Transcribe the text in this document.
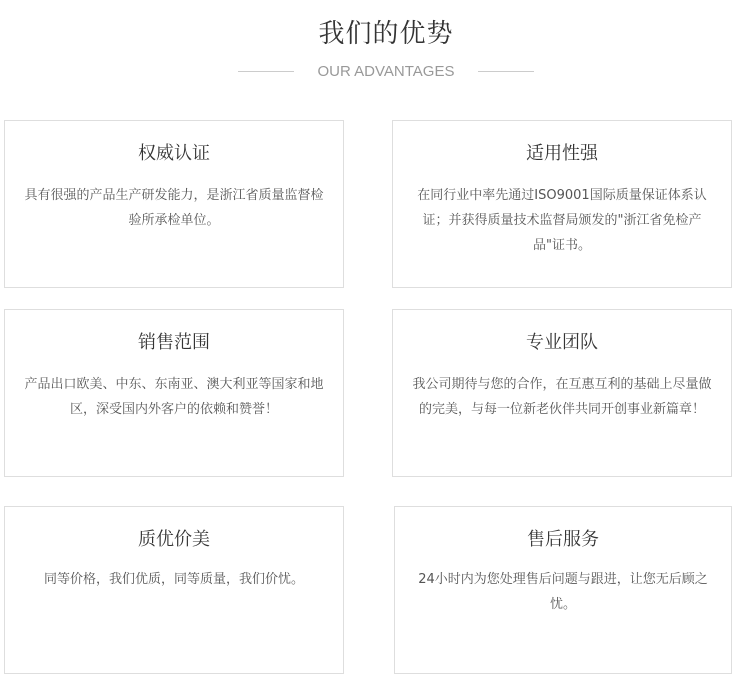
我们的优势
OUR ADVANTAGES
权威认证
具有很强的产品生产研发能力，是浙江省质量监督检验所承检单位。
适用性强
在同行业中率先通过ISO9001国际质量保证体系认证；并获得质量技术监督局颁发的"浙江省免检产品"证书。
销售范围
产品出口欧美、中东、东南亚、澳大利亚等国家和地区，深受国内外客户的依赖和赞誉！
专业团队
我公司期待与您的合作，在互惠互利的基础上尽量做的完美，与每一位新老伙伴共同开创事业新篇章！
质优价美
同等价格，我们优质，同等质量，我们价忧。
售后服务
24小时内为您处理售后问题与跟进，让您无后顾之忧。
